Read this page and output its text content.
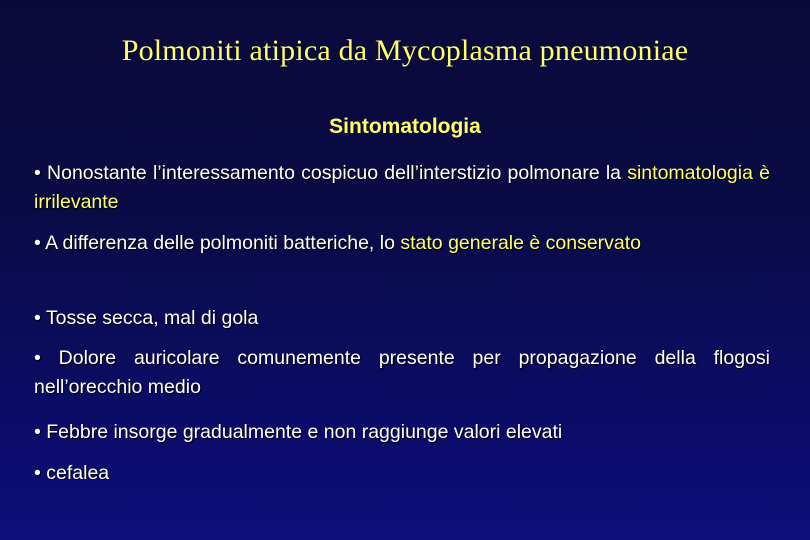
Polmoniti atipica da Mycoplasma pneumoniae
Sintomatologia
• Nonostante l’interessamento cospicuo dell’interstizio polmonare la sintomatologia è irrilevante
• A differenza delle polmoniti batteriche, lo stato generale è conservato
• Tosse secca, mal di gola
• Dolore auricolare comunemente presente per propagazione della flogosi nell’orecchio medio
• Febbre insorge gradualmente e non raggiunge valori elevati
• cefalea
